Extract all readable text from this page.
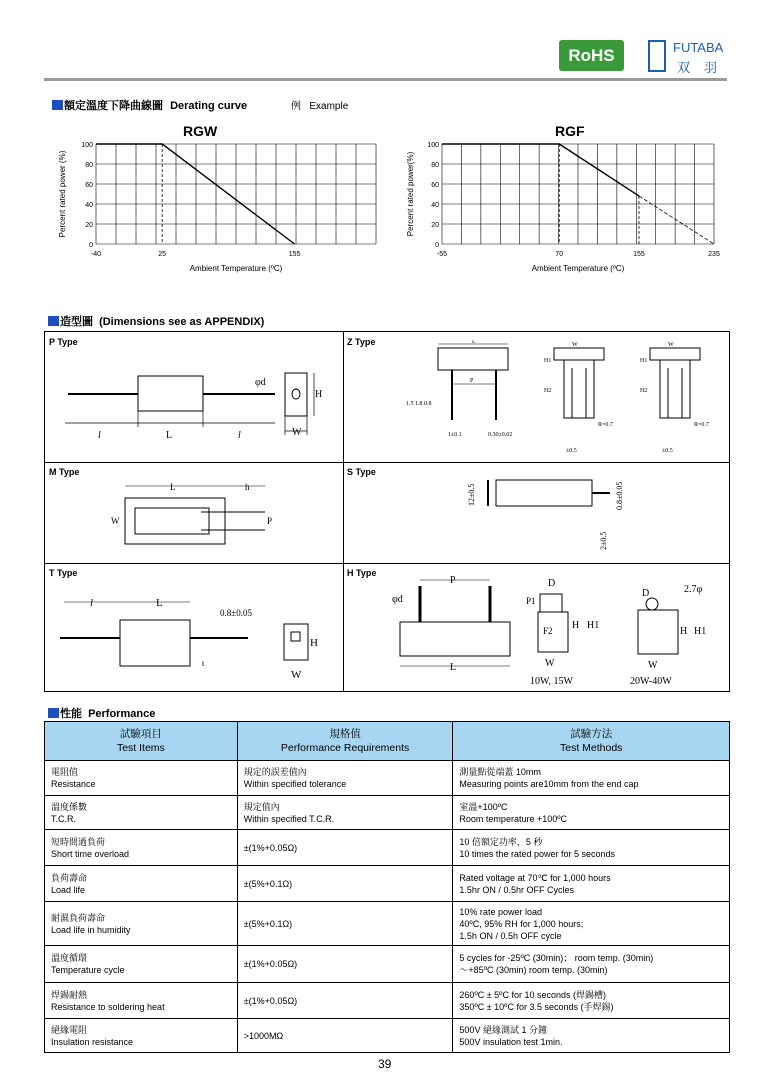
RoHS	FUTABA
双羽
額定溫度下降曲線圖 Derating curve	例 Example
RGW	RGF
100
80
60
40
20
0
-40	25	155
Ambient Temperature (ºC)
Percent rated power (%)
100
80
60
40
20
0
-55	70	155	235
Ambient Temperature (ºC)
Percent rated power(%)
造型圖 (Dimensions see as APPENDIX)
P Type	Z Type
M Type	S Type
T Type	H Type
φd
H
W
l	L	l
L
P
1.5 1.8 0.8
0.30±0.02
1±0.1
W
H1
H2
R=0.7
±0.5
W
H1
H2
R=0.7
±0.5
L	h
W	P
12±0.5	0.8±0.05
2±0.5
l	L
0.8±0.05
t
H
W
P
φd
L
D
P1
F2 H H1
W
10W, 15W
D	2.7φ
H H1
W
20W-40W
性能 Performance
試驗項目
Test Items	規格值
Performance Requirements	試驗方法
Test Methods
電阻值
Resistance	規定的誤差值內
Within specified tolerance	測量點從端蓋 10mm
Measuring points are10mm from the end cap
溫度係數
T.C.R.	規定值內
Within specified T.C.R.	室溫+100ºC
Room temperature +100ºC
短時間過負荷
Short time overload	±(1%+0.05Ω)	10 倍額定功率，5 秒
10 times the rated power for 5 seconds
負荷壽命
Load life	±(5%+0.1Ω)	Rated voltage at 70℃ for 1,000 hours
1.5hr ON / 0.5hr OFF Cycles
耐濕負荷壽命
Load life in humidity	±(5%+0.1Ω)	10% rate power load
40ºC, 95% RH for 1,000 hours;
1.5h ON / 0.5h OFF cycle
溫度循環
Temperature cycle	±(1%+0.05Ω)	5 cycles for -25ºC (30min)； room temp. (30min)
～+85ºC (30min) room temp. (30min)
焊錫耐熱
Resistance to soldering heat	±(1%+0.05Ω)	260ºC ± 5ºC for 10 seconds (焊錫槽)
350ºC ± 10ºC for 3.5 seconds (手焊錫)
絕緣電阻
Insulation resistance	>1000MΩ	500V 絕緣測試 1 分鐘
500V insulation test 1min.
39
